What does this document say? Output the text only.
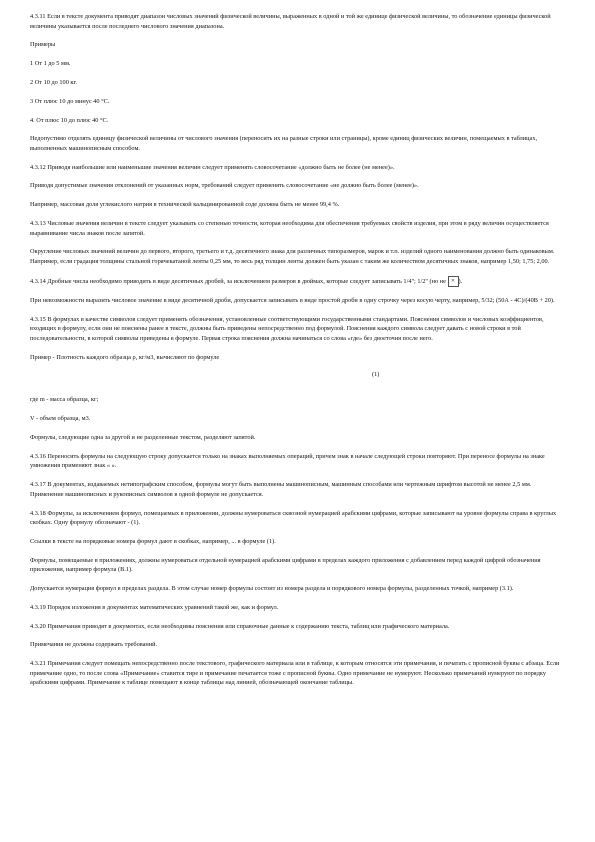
4.3.11 Если в тексте документа приводят диапазон числовых значений физической величины, выраженных в одной и той же единице физической величины, то обозначение единицы физической величины указывается после последнего числового значения диапазона.

Примеры

1 От 1 до 5 мм.

2 От 10 до 100 кг.

3 От плюс 10 до минус 40 °С.

4. От плюс 10 до плюс 40 °С.

Недопустимо отделять единицу физической величины от числового значения (переносить их на разные строки или страницы), кроме единиц физических величин, помещаемых в таблицах, выполненных машинописным способом.

4.3.12 Приводя наибольшие или наименьшие значения величин следует применять словосочетание «должно быть не более (не менее)».

Приводя допустимые значения отклонений от указанных норм, требований следует применять словосочетание «не должно быть более (менее)».

Например, массовая доля углекислого натрия в технической кальцинированной соде должна быть не менее 99,4 %.

4.3.13 Числовые значения величин в тексте следует указывать со степенью точности, которая необходима для обеспечения требуемых свойств изделия, при этом в ряду величин осуществляется выравнивание числа знаков после запятой.

Округление числовых значений величин до первого, второго, третьего и т.д. десятичного знака для различных типоразмеров, марок и т.п. изделий одного наименования должно быть одинаковым. Например, если градация толщины стальной горячекатаной ленты 0,25 мм, то весь ряд толщин ленты должен быть указан с таким же количеством десятичных знаков, например 1,50; 1,75; 2,00.

4.3.14 Дробные числа необходимо приводить в виде десятичных дробей, за исключением размеров в дюймах, которые следует записывать 1/4"; 1/2" (но не ✕ ).

При невозможности выразить числовое значение в виде десятичной дроби, допускается записывать в виде простой дроби в одну строчку через косую черту, например, 5/32; (50А - 4С)/(40В + 20).

4.3.15 В формулах в качестве символов следует применять обозначения, установленные соответствующими государственными стандартами. Пояснения символов и числовых коэффициентов, входящих в формулу, если они не пояснены ранее в тексте, должны быть приведены непосредственно под формулой. Пояснения каждого символа следует давать с новой строки в той последовательности, в которой символы приведены в формуле. Первая строка пояснения должна начинаться со слова «где» без двоеточия после него.

Пример - Плотность каждого образца ρ, кг/м3, вычисляют по формуле

(1)

где m - масса образца, кг;

V - объем образца, м3.

Формулы, следующие одна за другой и не разделенные текстом, разделяют запятой.

4.3.16 Переносить формулы на следующую строку допускается только на знаках выполняемых операций, причем знак в начале следующей строки повторяют. При переносе формулы на знаке умножения применяют знак « ».

4.3.17 В документах, издаваемых нетипографским способом, формулы могут быть выполнены машинописным, машинным способами или чертежным шрифтом высотой не менее 2,5 мм. Применение машинописных и рукописных символов в одной формуле не допускается.

4.3.18 Формулы, за исключением формул, помещаемых в приложении, должны нумероваться сквозной нумерацией арабскими цифрами, которые записывают на уровне формулы справа в круглых скобках. Одну формулу обозначают - (1).

Ссылки в тексте на порядковые номера формул дают в скобках, например, ... в формуле (1).

Формулы, помещаемые в приложениях, должны нумероваться отдельной нумерацией арабскими цифрами в пределах каждого приложения с добавлением перед каждой цифрой обозначения приложения, например формула (В.1).

Допускается нумерация формул в пределах раздела. В этом случае номер формулы состоит из номера раздела и порядкового номера формулы, разделенных точкой, например (3.1).

4.3.19 Порядок изложения в документах математических уравнений такой же, как и формул.

4.3.20 Примечания приводят в документах, если необходимы пояснения или справочные данные к содержанию текста, таблиц или графического материала.

Примечания не должны содержать требований.

4.3.21 Примечания следует помещать непосредственно после текстового, графического материала или в таблице, к которым относятся эти примечания, и печатать с прописной буквы с абзаца. Если примечание одно, то после слова «Примечание» ставится тире и примечание печатается тоже с прописной буквы. Одно примечание не нумеруют. Несколько примечаний нумеруют по порядку арабскими цифрами. Примечание к таблице помещают в конце таблицы над линией, обозначающей окончание таблицы.
